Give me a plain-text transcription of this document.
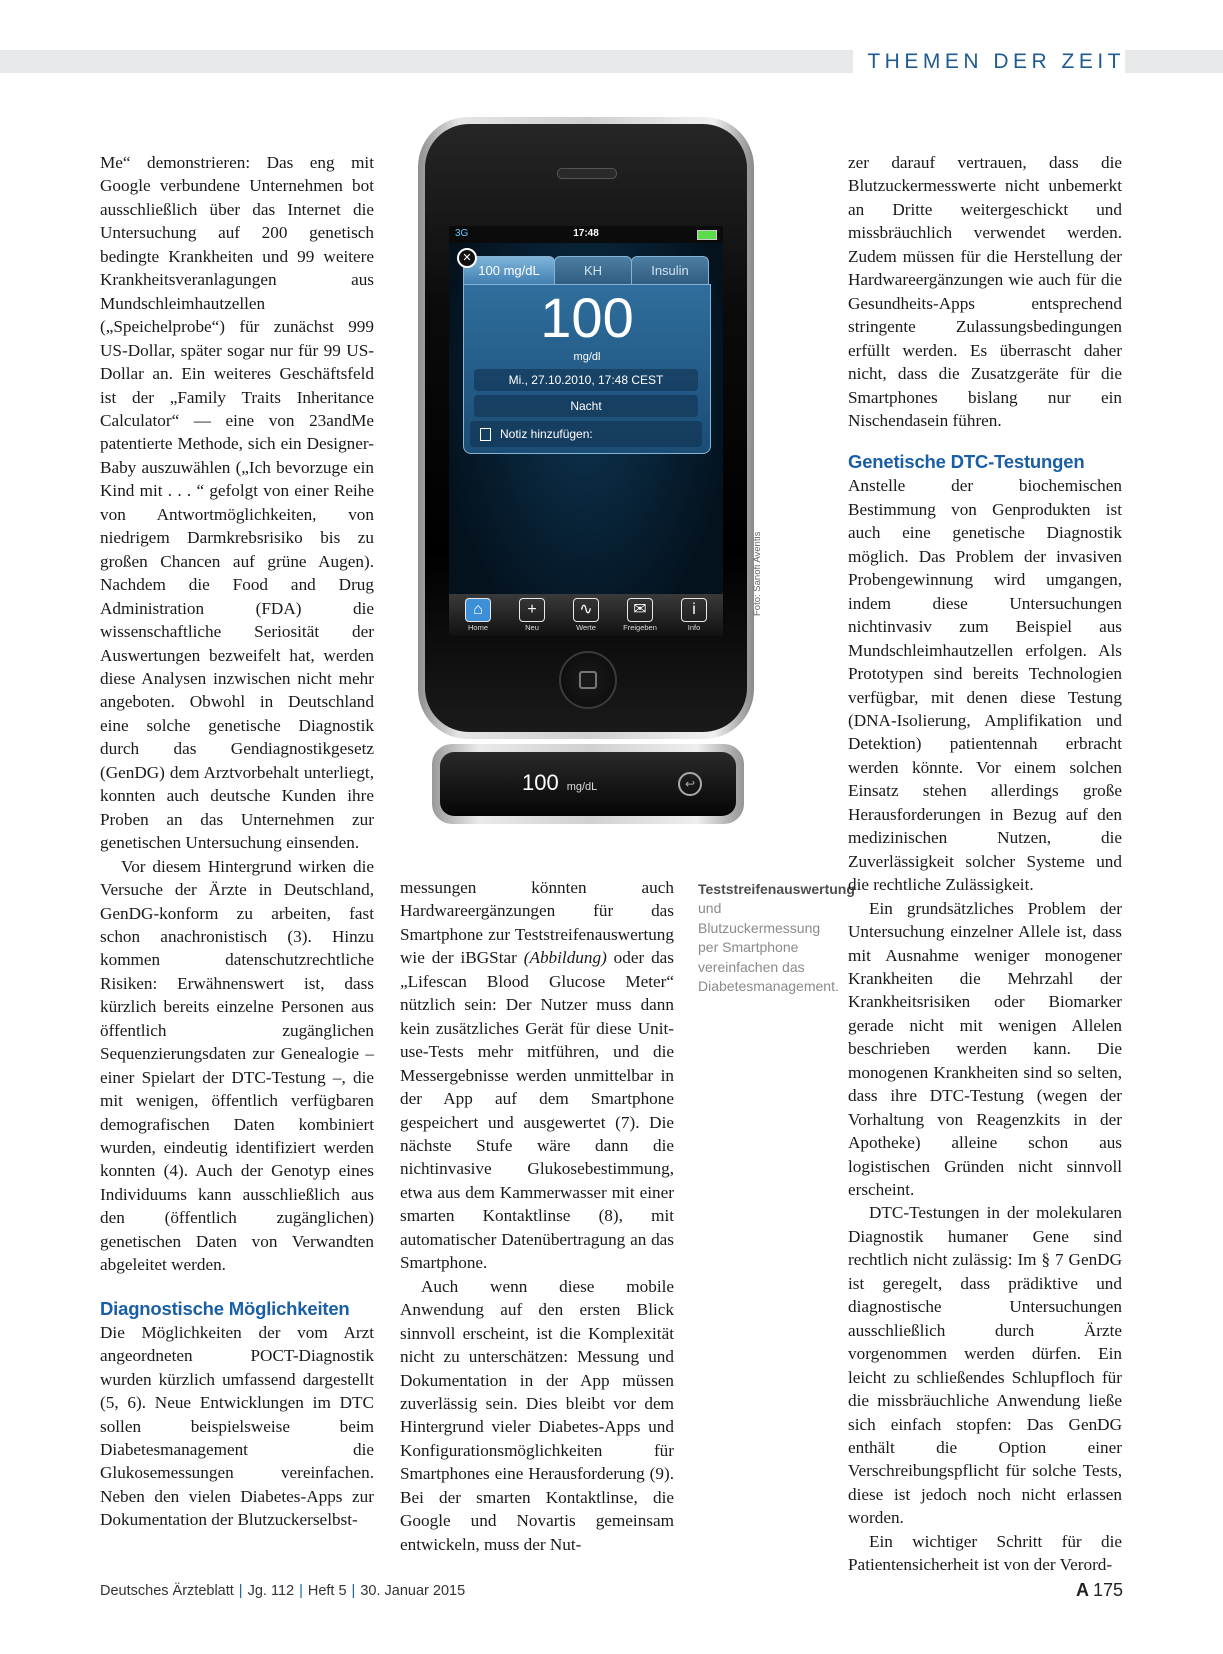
THEMEN DER ZEIT

Me“ demonstrieren: Das eng mit Google verbundene Unternehmen bot ausschließlich über das Internet die Untersuchung auf 200 genetisch bedingte Krankheiten und 99 weitere Krankheitsveranlagungen aus Mundschleimhautzellen („Speichelprobe“) für zunächst 999 US-Dollar, später sogar nur für 99 US-Dollar an. Ein weiteres Geschäftsfeld ist der „Family Traits Inheritance Calculator“ — eine von 23andMe patentierte Methode, sich ein Designer-Baby auszuwählen („Ich bevorzuge ein Kind mit . . . “ gefolgt von einer Reihe von Antwortmöglichkeiten, von niedrigem Darmkrebsrisiko bis zu großen Chancen auf grüne Augen). Nachdem die Food and Drug Administration (FDA) die wissenschaftliche Seriosität der Auswertungen bezweifelt hat, werden diese Analysen inzwischen nicht mehr angeboten. Obwohl in Deutschland eine solche genetische Diagnostik durch das Gendiagnostikgesetz (GenDG) dem Arztvorbehalt unterliegt, konnten auch deutsche Kunden ihre Proben an das Unternehmen zur genetischen Untersuchung einsenden.

Vor diesem Hintergrund wirken die Versuche der Ärzte in Deutschland, GenDG-konform zu arbeiten, fast schon anachronistisch (3). Hinzu kommen datenschutzrechtliche Risiken: Erwähnenswert ist, dass kürzlich bereits einzelne Personen aus öffentlich zugänglichen Sequenzierungsdaten zur Genealogie – einer Spielart der DTC-Testung –, die mit wenigen, öffentlich verfügbaren demografischen Daten kombiniert wurden, eindeutig identifiziert werden konnten (4). Auch der Genotyp eines Individuums kann ausschließlich aus den (öffentlich zugänglichen) genetischen Daten von Verwandten abgeleitet werden.

Diagnostische Möglichkeiten

Die Möglichkeiten der vom Arzt angeordneten POCT-Diagnostik wurden kürzlich umfassend dargestellt (5, 6). Neue Entwicklungen im DTC sollen beispielsweise beim Diabetesmanagement die Glukosemessungen vereinfachen. Neben den vielen Diabetes-Apps zur Dokumentation der Blutzuckerselbst-

3G	17:48
✕
100 mg/dL	KH	Insulin
100
mg/dl
Mi., 27.10.2010, 17:48 CEST
Nacht
Notiz hinzufügen:
⌂
Home
+
Neu
∿
Werte
✉
Freigeben
i
Info
100 mg/dL	↩
Foto: Sanofi Aventis

messungen könnten auch Hardwareergänzungen für das Smartphone zur Teststreifenauswertung wie der iBGStar (Abbildung) oder das „Lifescan Blood Glucose Meter“ nützlich sein: Der Nutzer muss dann kein zusätzliches Gerät für diese Unit-use-Tests mehr mitführen, und die Messergebnisse werden unmittelbar in der App auf dem Smartphone gespeichert und ausgewertet (7). Die nächste Stufe wäre dann die nichtinvasive Glukosebestimmung, etwa aus dem Kammerwasser mit einer smarten Kontaktlinse (8), mit automatischer Datenübertragung an das Smartphone.

Auch wenn diese mobile Anwendung auf den ersten Blick sinnvoll erscheint, ist die Komplexität nicht zu unterschätzen: Messung und Dokumentation in der App müssen zuverlässig sein. Dies bleibt vor dem Hintergrund vieler Diabetes-Apps und Konfigurationsmöglichkeiten für Smartphones eine Herausforderung (9). Bei der smarten Kontaktlinse, die Google und Novartis gemeinsam entwickeln, muss der Nut-

Teststreifenauswertung und Blutzuckermessung per Smartphone vereinfachen das Diabetesmanagement.

zer darauf vertrauen, dass die Blutzuckermesswerte nicht unbemerkt an Dritte weitergeschickt und missbräuchlich verwendet werden. Zudem müssen für die Herstellung der Hardwareergänzungen wie auch für die Gesundheits-Apps entsprechend stringente Zulassungsbedingungen erfüllt werden. Es überrascht daher nicht, dass die Zusatzgeräte für die Smartphones bislang nur ein Nischendasein führen.

Genetische DTC-Testungen

Anstelle der biochemischen Bestimmung von Genprodukten ist auch eine genetische Diagnostik möglich. Das Problem der invasiven Probengewinnung wird umgangen, indem diese Untersuchungen nichtinvasiv zum Beispiel aus Mundschleimhautzellen erfolgen. Als Prototypen sind bereits Technologien verfügbar, mit denen diese Testung (DNA-Isolierung, Amplifikation und Detektion) patientennah erbracht werden könnte. Vor einem solchen Einsatz stehen allerdings große Herausforderungen in Bezug auf den medizinischen Nutzen, die Zuverlässigkeit solcher Systeme und die rechtliche Zulässigkeit.

Ein grundsätzliches Problem der Untersuchung einzelner Allele ist, dass mit Ausnahme weniger monogener Krankheiten die Mehrzahl der Krankheitsrisiken oder Biomarker gerade nicht mit wenigen Allelen beschrieben werden kann. Die monogenen Krankheiten sind so selten, dass ihre DTC-Testung (wegen der Vorhaltung von Reagenzkits in der Apotheke) alleine schon aus logistischen Gründen nicht sinnvoll erscheint.

DTC-Testungen in der molekularen Diagnostik humaner Gene sind rechtlich nicht zulässig: Im § 7 GenDG ist geregelt, dass prädiktive und diagnostische Untersuchungen ausschließlich durch Ärzte vorgenommen werden dürfen. Ein leicht zu schließendes Schlupfloch für die missbräuchliche Anwendung ließe sich einfach stopfen: Das GenDG enthält die Option einer Verschreibungspflicht für solche Tests, diese ist jedoch noch nicht erlassen worden.

Ein wichtiger Schritt für die Patientensicherheit ist von der Verord-

Deutsches Ärzteblatt | Jg. 112 | Heft 5 | 30. Januar 2015	A 175
